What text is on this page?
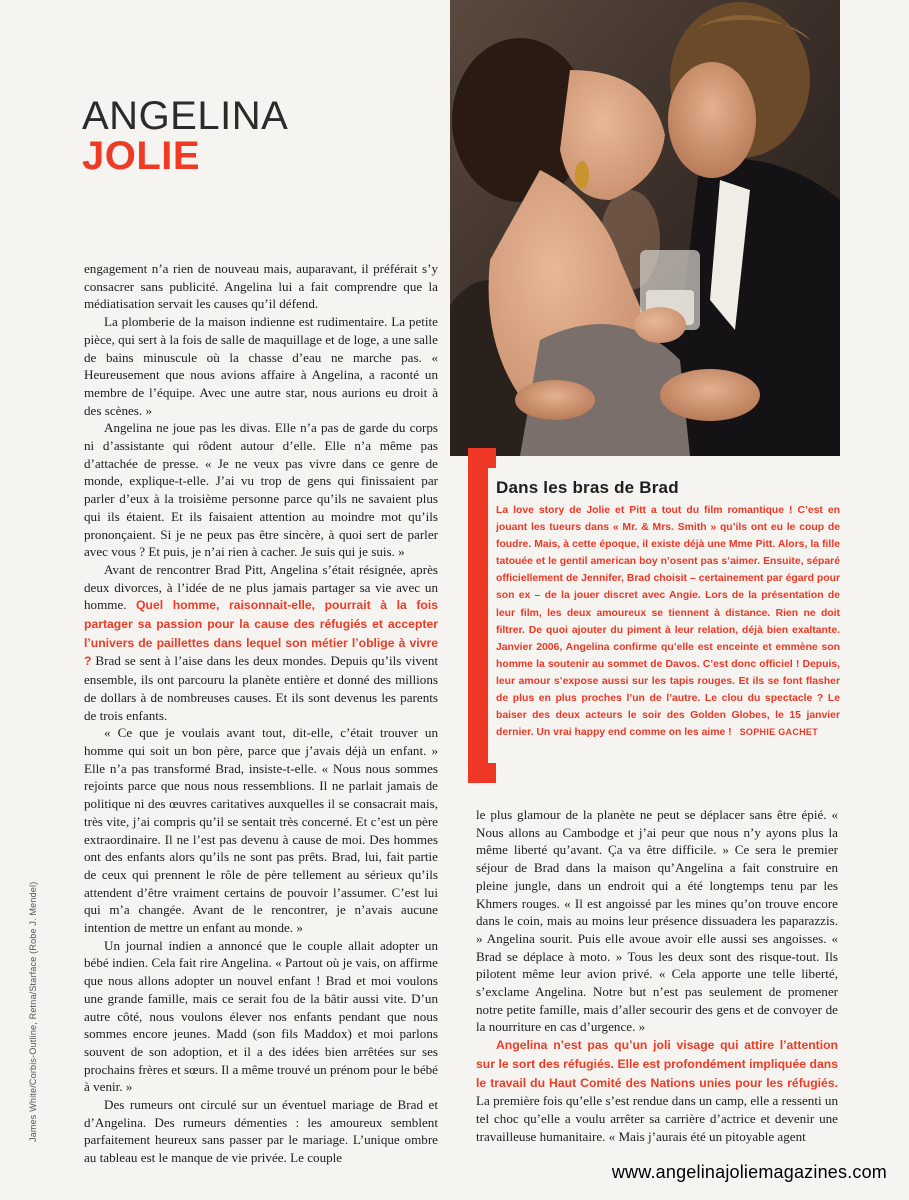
ANGELINA
JOLIE
Dans les bras de Brad

La love story de Jolie et Pitt a tout du film romantique ! C’est en jouant les tueurs dans « Mr. & Mrs. Smith » qu’ils ont eu le coup de foudre. Mais, à cette époque, il existe déjà une Mme Pitt. Alors, la fille tatouée et le gentil american boy n’osent pas s’aimer. Ensuite, séparé officiellement de Jennifer, Brad choisit – certainement par égard pour son ex – de la jouer discret avec Angie. Lors de la présentation de leur film, les deux amoureux se tiennent à distance. Rien ne doit filtrer. De quoi ajouter du piment à leur relation, déjà bien exaltante. Janvier 2006, Angelina confirme qu’elle est enceinte et emmène son homme la soutenir au sommet de Davos. C’est donc officiel ! Depuis, leur amour s’expose aussi sur les tapis rouges. Et ils se font flasher de plus en plus proches l’un de l’autre. Le clou du spectacle ? Le baiser des deux acteurs le soir des Golden Globes, le 15 janvier dernier. Un vrai happy end comme on les aime ! SOPHIE GACHET

engagement n’a rien de nouveau mais, auparavant, il préférait s’y consacrer sans publicité. Angelina lui a fait comprendre que la médiatisation servait les causes qu’il défend.

La plomberie de la maison indienne est rudimentaire. La petite pièce, qui sert à la fois de salle de maquillage et de loge, a une salle de bains minuscule où la chasse d’eau ne marche pas. « Heureusement que nous avions affaire à Angelina, a raconté un membre de l’équipe. Avec une autre star, nous aurions eu droit à des scènes. »

Angelina ne joue pas les divas. Elle n’a pas de garde du corps ni d’assistante qui rôdent autour d’elle. Elle n’a même pas d’attachée de presse. « Je ne veux pas vivre dans ce genre de monde, explique-t-elle. J’ai vu trop de gens qui finissaient par parler d’eux à la troisième personne parce qu’ils ne savaient plus qui ils étaient. Et ils faisaient attention au moindre mot qu’ils prononçaient. Si je ne peux pas être sincère, à quoi sert de parler avec vous ? Et puis, je n’ai rien à cacher. Je suis qui je suis. »

Avant de rencontrer Brad Pitt, Angelina s’était résignée, après deux divorces, à l’idée de ne plus jamais partager sa vie avec un homme. Quel homme, raisonnait-elle, pourrait à la fois partager sa passion pour la cause des réfugiés et accepter l’univers de paillettes dans lequel son métier l’oblige à vivre ? Brad se sent à l’aise dans les deux mondes. Depuis qu’ils vivent ensemble, ils ont parcouru la planète entière et donné des millions de dollars à de nombreuses causes. Et ils sont devenus les parents de trois enfants.

« Ce que je voulais avant tout, dit-elle, c’était trouver un homme qui soit un bon père, parce que j’avais déjà un enfant. » Elle n’a pas transformé Brad, insiste-t-elle. « Nous nous sommes rejoints parce que nous nous ressemblions. Il ne parlait jamais de politique ni des œuvres caritatives auxquelles il se consacrait mais, très vite, j’ai compris qu’il se sentait très concerné. Et c’est un père extraordinaire. Il ne l’est pas devenu à cause de moi. Des hommes ont des enfants alors qu’ils ne sont pas prêts. Brad, lui, fait partie de ceux qui prennent le rôle de père tellement au sérieux qu’ils attendent d’être vraiment certains de pouvoir l’assumer. C’est lui qui m’a changée. Avant de le rencontrer, je n’avais aucune intention de mettre un enfant au monde. »

Un journal indien a annoncé que le couple allait adopter un bébé indien. Cela fait rire Angelina. « Partout où je vais, on affirme que nous allons adopter un nouvel enfant ! Brad et moi voulons une grande famille, mais ce serait fou de la bâtir aussi vite. D’un autre côté, nous voulons élever nos enfants pendant que nous sommes encore jeunes. Madd (son fils Maddox) et moi parlons souvent de son adoption, et il a des idées bien arrêtées sur ses prochains frères et sœurs. Il a même trouvé un prénom pour le bébé à venir. »

Des rumeurs ont circulé sur un éventuel mariage de Brad et d’Angelina. Des rumeurs démenties : les amoureux semblent parfaitement heureux sans passer par le mariage. L’unique ombre au tableau est le manque de vie privée. Le couple

le plus glamour de la planète ne peut se déplacer sans être épié. « Nous allons au Cambodge et j’ai peur que nous n’y ayons plus la même liberté qu’avant. Ça va être difficile. » Ce sera le premier séjour de Brad dans la maison qu’Angelina a fait construire en pleine jungle, dans un endroit qui a été longtemps tenu par les Khmers rouges. « Il est angoissé par les mines qu’on trouve encore dans le coin, mais au moins leur présence dissuadera les paparazzis. » Angelina sourit. Puis elle avoue avoir elle aussi ses angoisses. « Brad se déplace à moto. » Tous les deux sont des risque-tout. Ils pilotent même leur avion privé. « Cela apporte une telle liberté, s’exclame Angelina. Notre but n’est pas seulement de promener notre petite famille, mais d’aller secourir des gens et de convoyer de la nourriture en cas d’urgence. »

Angelina n’est pas qu’un joli visage qui attire l’attention sur le sort des réfugiés. Elle est profondément impliquée dans le travail du Haut Comité des Nations unies pour les réfugiés. La première fois qu’elle s’est rendue dans un camp, elle a ressenti un tel choc qu’elle a voulu arrêter sa carrière d’actrice et devenir une travailleuse humanitaire. « Mais j’aurais été un pitoyable agent

James White/Corbis-Outline, Retna/Starface (Robe J. Mendel)
www.angelinajoliemagazines.com
